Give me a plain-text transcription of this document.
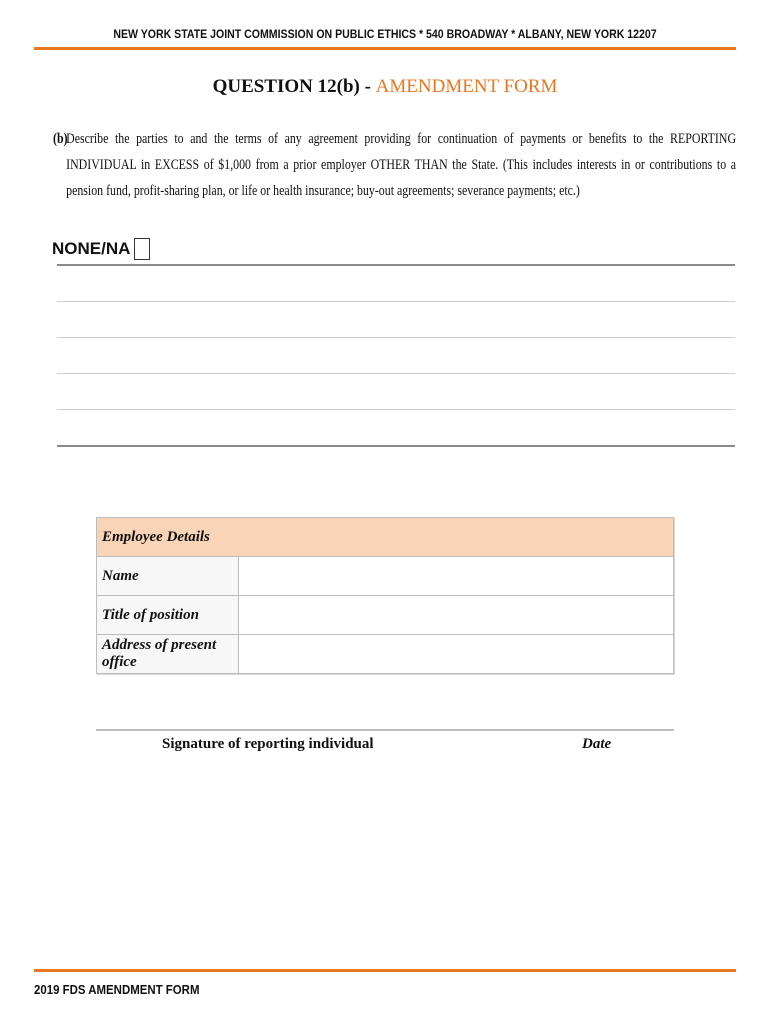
NEW YORK STATE JOINT COMMISSION ON PUBLIC ETHICS * 540 BROADWAY * ALBANY, NEW YORK 12207
QUESTION 12(b) - AMENDMENT FORM
(b)
Describe the parties to and the terms of any agreement providing for continuation of payments or benefits to the REPORTING INDIVIDUAL in EXCESS of $1,000 from a prior employer OTHER THAN the State. (This includes interests in or contributions to a pension fund, profit-sharing plan, or life or health insurance; buy-out agreements; severance payments; etc.)
NONE/NA
Employee Details	
Name	
Title of position	
Address of present office	
Signature of reporting individual	Date
2019 FDS AMENDMENT FORM
